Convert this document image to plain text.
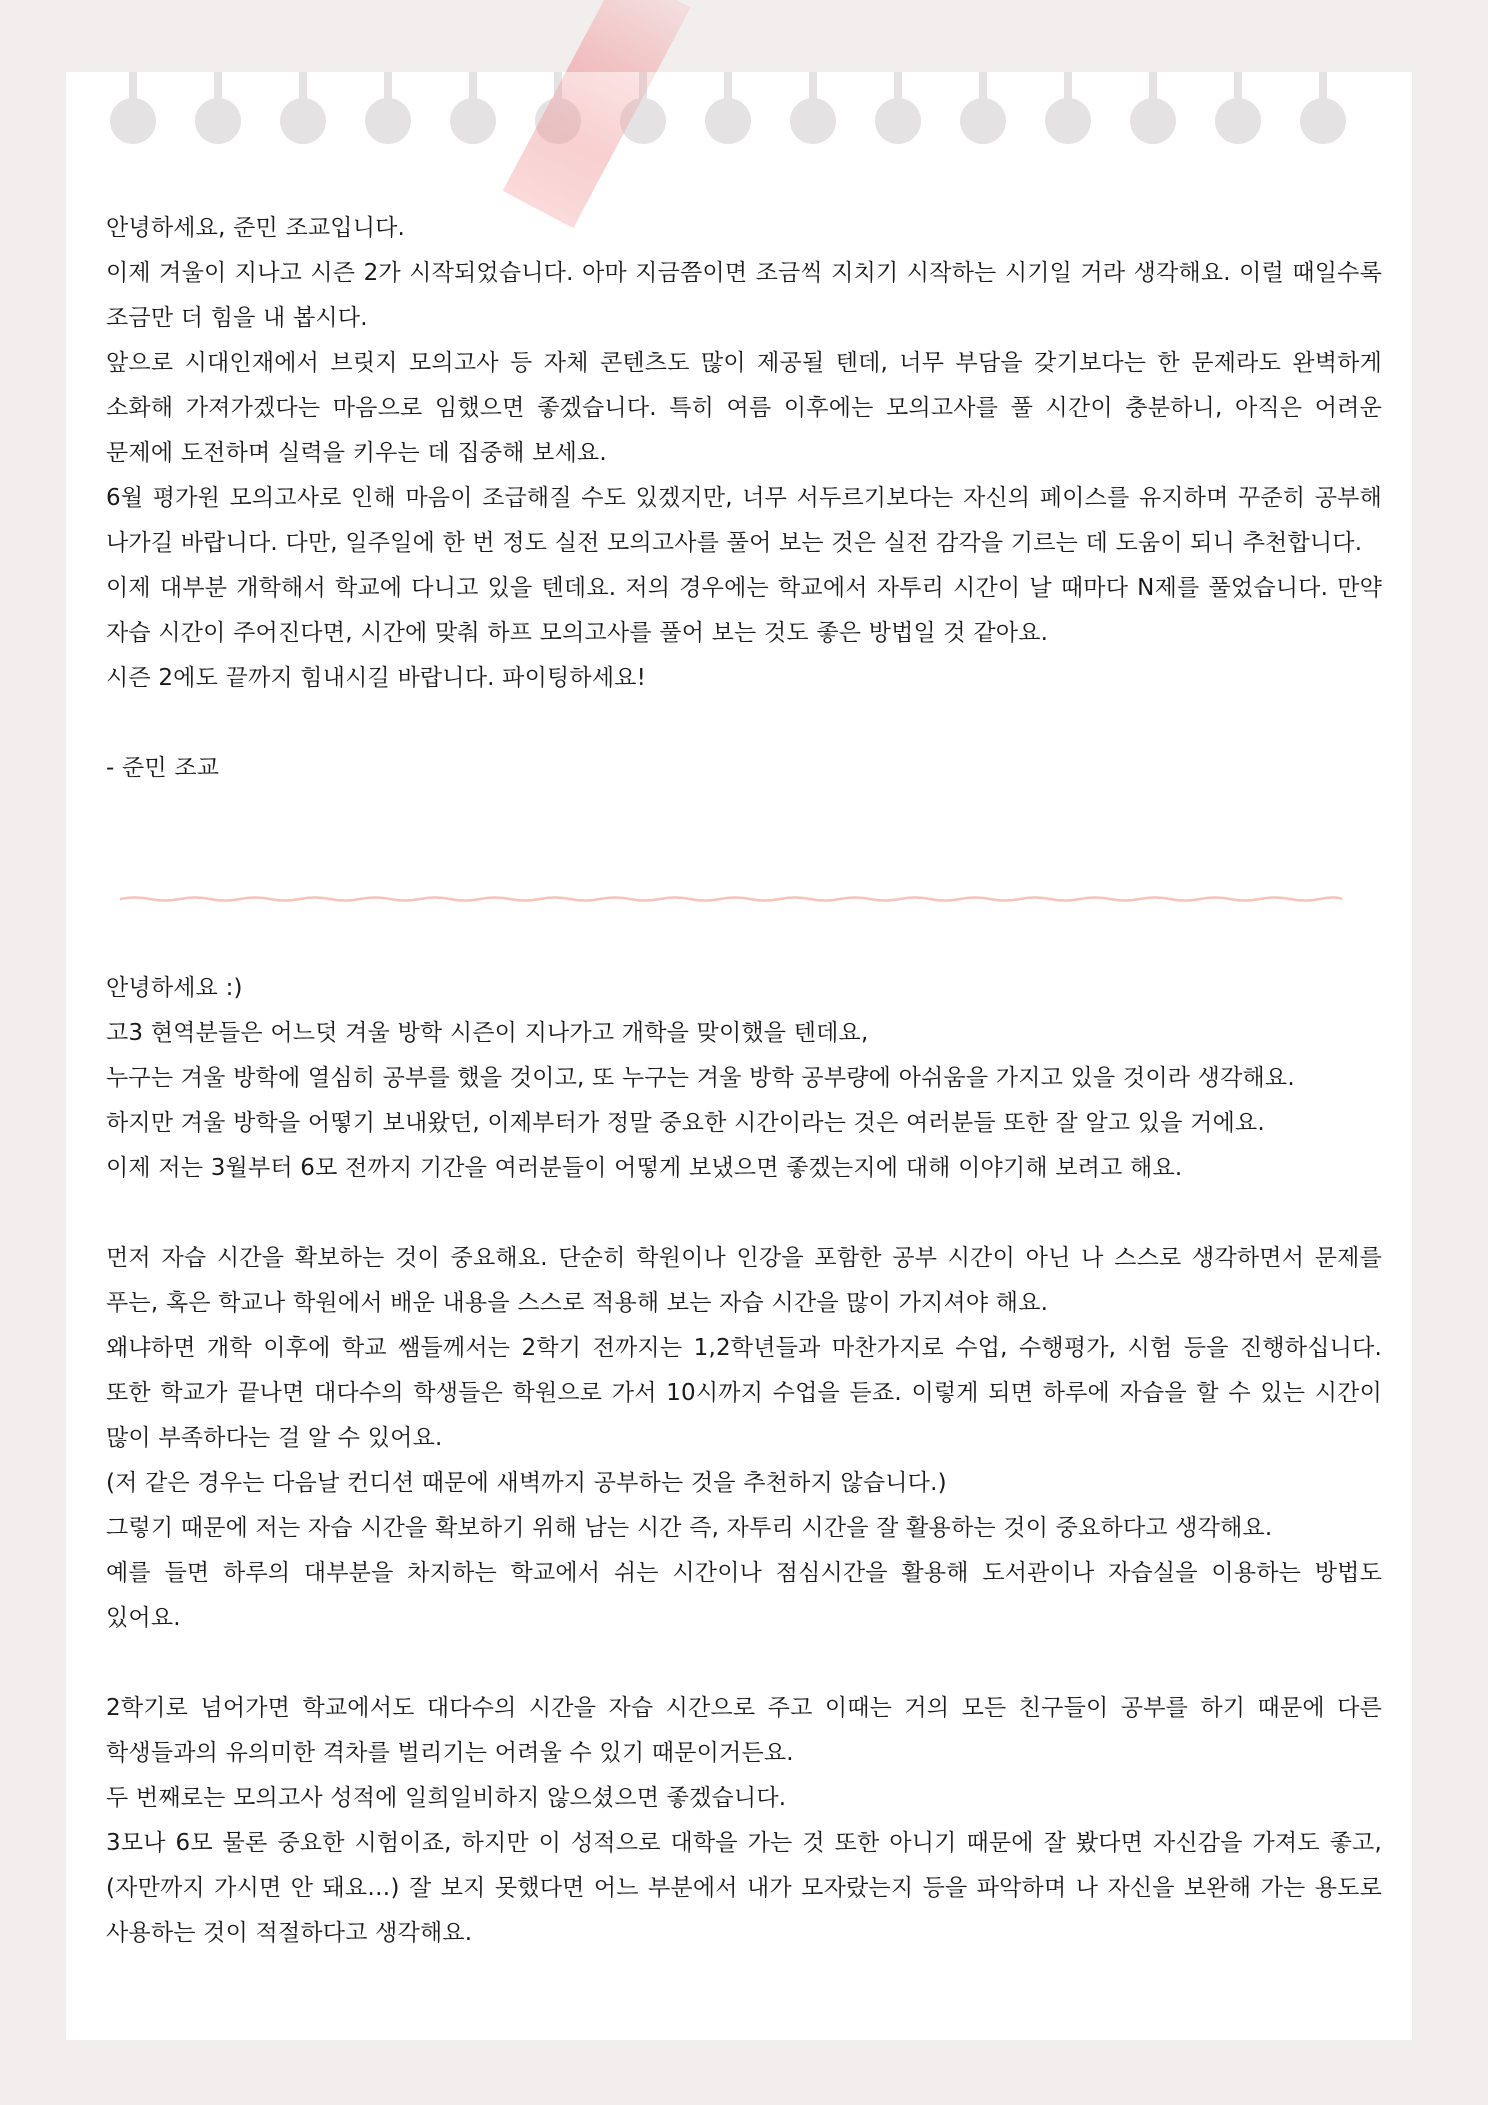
안녕하세요, 준민 조교입니다.

이제 겨울이 지나고 시즌 2가 시작되었습니다. 아마 지금쯤이면 조금씩 지치기 시작하는 시기일 거라 생각해요. 이럴 때일수록 조금만 더 힘을 내 봅시다.

앞으로 시대인재에서 브릿지 모의고사 등 자체 콘텐츠도 많이 제공될 텐데, 너무 부담을 갖기보다는 한 문제라도 완벽하게 소화해 가져가겠다는 마음으로 임했으면 좋겠습니다. 특히 여름 이후에는 모의고사를 풀 시간이 충분하니, 아직은 어려운 문제에 도전하며 실력을 키우는 데 집중해 보세요.

6월 평가원 모의고사로 인해 마음이 조급해질 수도 있겠지만, 너무 서두르기보다는 자신의 페이스를 유지하며 꾸준히 공부해 나가길 바랍니다. 다만, 일주일에 한 번 정도 실전 모의고사를 풀어 보는 것은 실전 감각을 기르는 데 도움이 되니 추천합니다.

이제 대부분 개학해서 학교에 다니고 있을 텐데요. 저의 경우에는 학교에서 자투리 시간이 날 때마다 N제를 풀었습니다. 만약 자습 시간이 주어진다면, 시간에 맞춰 하프 모의고사를 풀어 보는 것도 좋은 방법일 것 같아요.

시즌 2에도 끝까지 힘내시길 바랍니다. 파이팅하세요!

- 준민 조교

안녕하세요 :)

고3 현역분들은 어느덧 겨울 방학 시즌이 지나가고 개학을 맞이했을 텐데요,

누구는 겨울 방학에 열심히 공부를 했을 것이고, 또 누구는 겨울 방학 공부량에 아쉬움을 가지고 있을 것이라 생각해요.

하지만 겨울 방학을 어떻기 보내왔던, 이제부터가 정말 중요한 시간이라는 것은 여러분들 또한 잘 알고 있을 거에요.

이제 저는 3월부터 6모 전까지 기간을 여러분들이 어떻게 보냈으면 좋겠는지에 대해 이야기해 보려고 해요.

먼저 자습 시간을 확보하는 것이 중요해요. 단순히 학원이나 인강을 포함한 공부 시간이 아닌 나 스스로 생각하면서 문제를 푸는, 혹은 학교나 학원에서 배운 내용을 스스로 적용해 보는 자습 시간을 많이 가지셔야 해요.

왜냐하면 개학 이후에 학교 쌤들께서는 2학기 전까지는 1,2학년들과 마찬가지로 수업, 수행평가, 시험 등을 진행하십니다. 또한 학교가 끝나면 대다수의 학생들은 학원으로 가서 10시까지 수업을 듣죠. 이렇게 되면 하루에 자습을 할 수 있는 시간이 많이 부족하다는 걸 알 수 있어요.

(저 같은 경우는 다음날 컨디션 때문에 새벽까지 공부하는 것을 추천하지 않습니다.)

그렇기 때문에 저는 자습 시간을 확보하기 위해 남는 시간 즉, 자투리 시간을 잘 활용하는 것이 중요하다고 생각해요.

예를 들면 하루의 대부분을 차지하는 학교에서 쉬는 시간이나 점심시간을 활용해 도서관이나 자습실을 이용하는 방법도 있어요.

2학기로 넘어가면 학교에서도 대다수의 시간을 자습 시간으로 주고 이때는 거의 모든 친구들이 공부를 하기 때문에 다른 학생들과의 유의미한 격차를 벌리기는 어려울 수 있기 때문이거든요.

두 번째로는 모의고사 성적에 일희일비하지 않으셨으면 좋겠습니다.

3모나 6모 물론 중요한 시험이죠, 하지만 이 성적으로 대학을 가는 것 또한 아니기 때문에 잘 봤다면 자신감을 가져도 좋고, (자만까지 가시면 안 돼요…) 잘 보지 못했다면 어느 부분에서 내가 모자랐는지 등을 파악하며 나 자신을 보완해 가는 용도로 사용하는 것이 적절하다고 생각해요.
